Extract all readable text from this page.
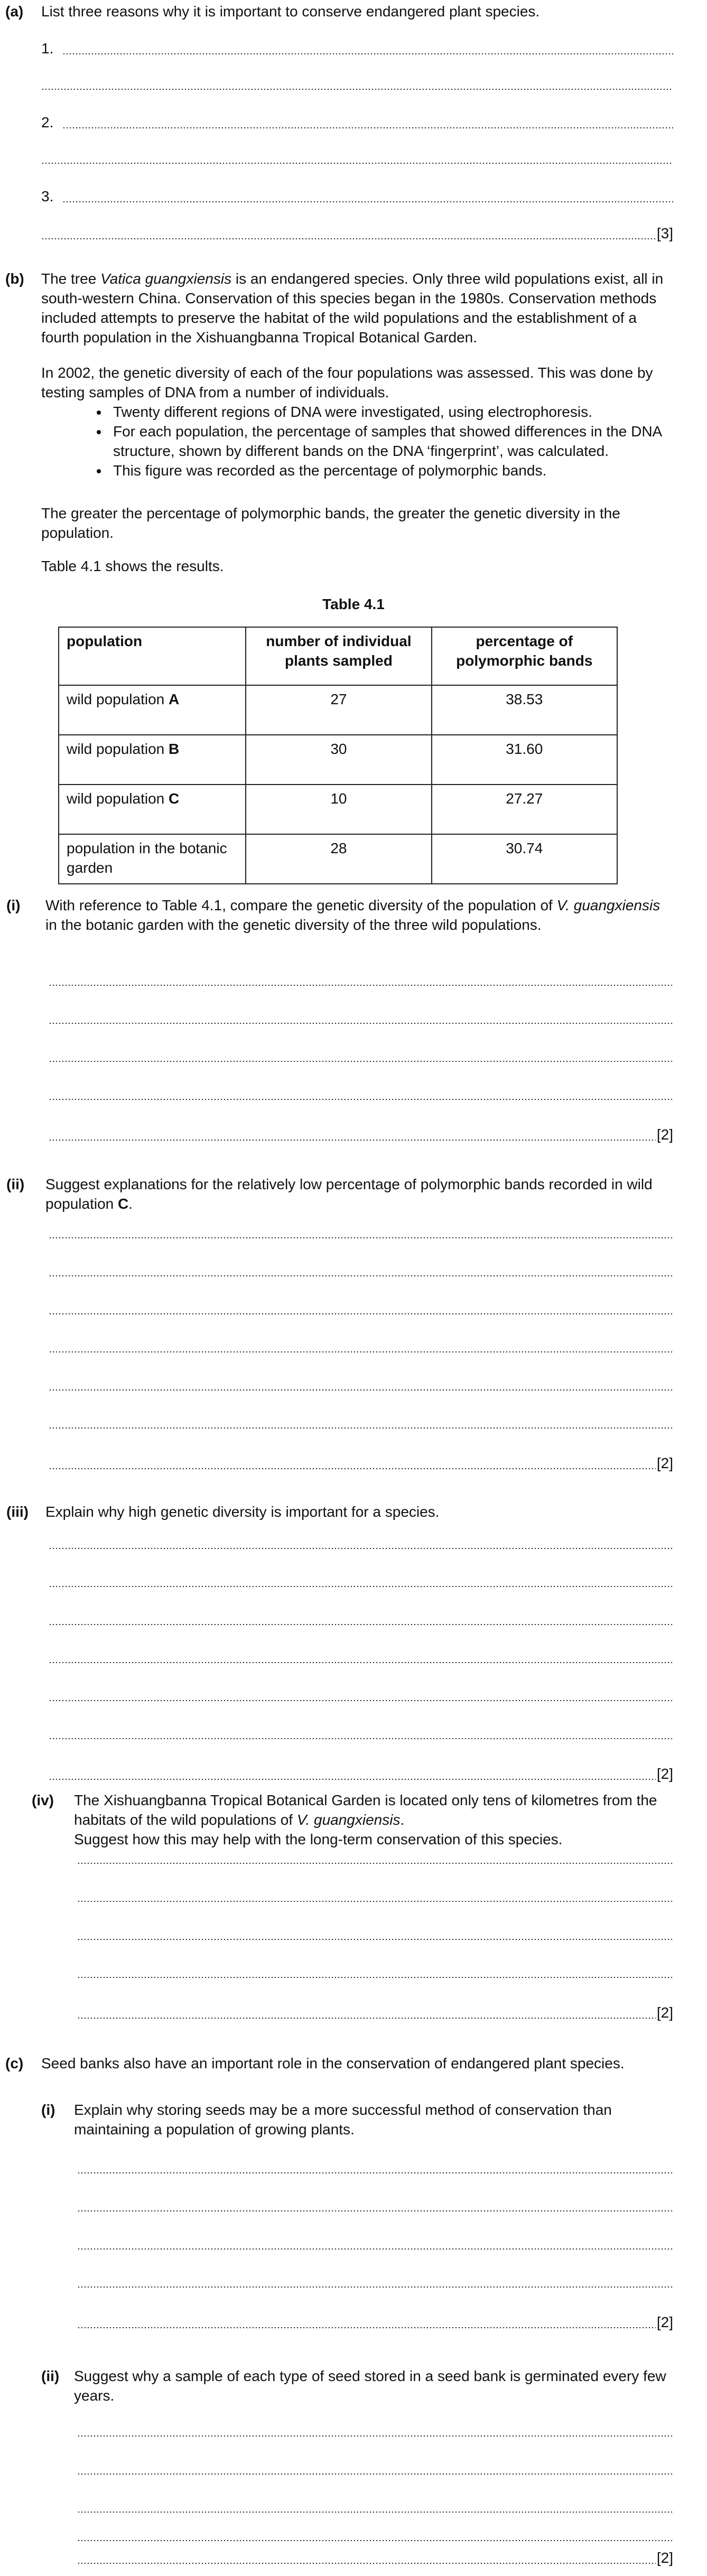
(a)	List three reasons why it is important to conserve endangered plant species.
1.
2.
3.
[3]
(b)	The tree Vatica guangxiensis is an endangered species. Only three wild populations exist, all in south-western China. Conservation of this species began in the 1980s. Conservation methods included attempts to preserve the habitat of the wild populations and the establishment of a fourth population in the Xishuangbanna Tropical Botanical Garden.

In 2002, the genetic diversity of each of the four populations was assessed. This was done by testing samples of DNA from a number of individuals.

• Twenty different regions of DNA were investigated, using electrophoresis.
• For each population, the percentage of samples that showed differences in the DNA structure, shown by different bands on the DNA ‘fingerprint’, was calculated.
• This figure was recorded as the percentage of polymorphic bands.
The greater the percentage of polymorphic bands, the greater the genetic diversity in the population.
Table 4.1 shows the results.
Table 4.1
population	number of individual plants sampled	percentage of polymorphic bands
wild population A	27	38.53
wild population B	30	31.60
wild population C	10	27.27
population in the botanic garden	28	30.74
(i) With reference to Table 4.1, compare the genetic diversity of the population of V. guangxiensis in the botanic garden with the genetic diversity of the three wild populations.
[2]
(ii) Suggest explanations for the relatively low percentage of polymorphic bands recorded in wild population C.
[2]
(iii) Explain why high genetic diversity is important for a species.
[2]
(iv) The Xishuangbanna Tropical Botanical Garden is located only tens of kilometres from the habitats of the wild populations of V. guangxiensis.
Suggest how this may help with the long-term conservation of this species.
[2]
(c)	Seed banks also have an important role in the conservation of endangered plant species.
(i) Explain why storing seeds may be a more successful method of conservation than maintaining a population of growing plants.
[2]
(ii) Suggest why a sample of each type of seed stored in a seed bank is germinated every few years.
[2]
